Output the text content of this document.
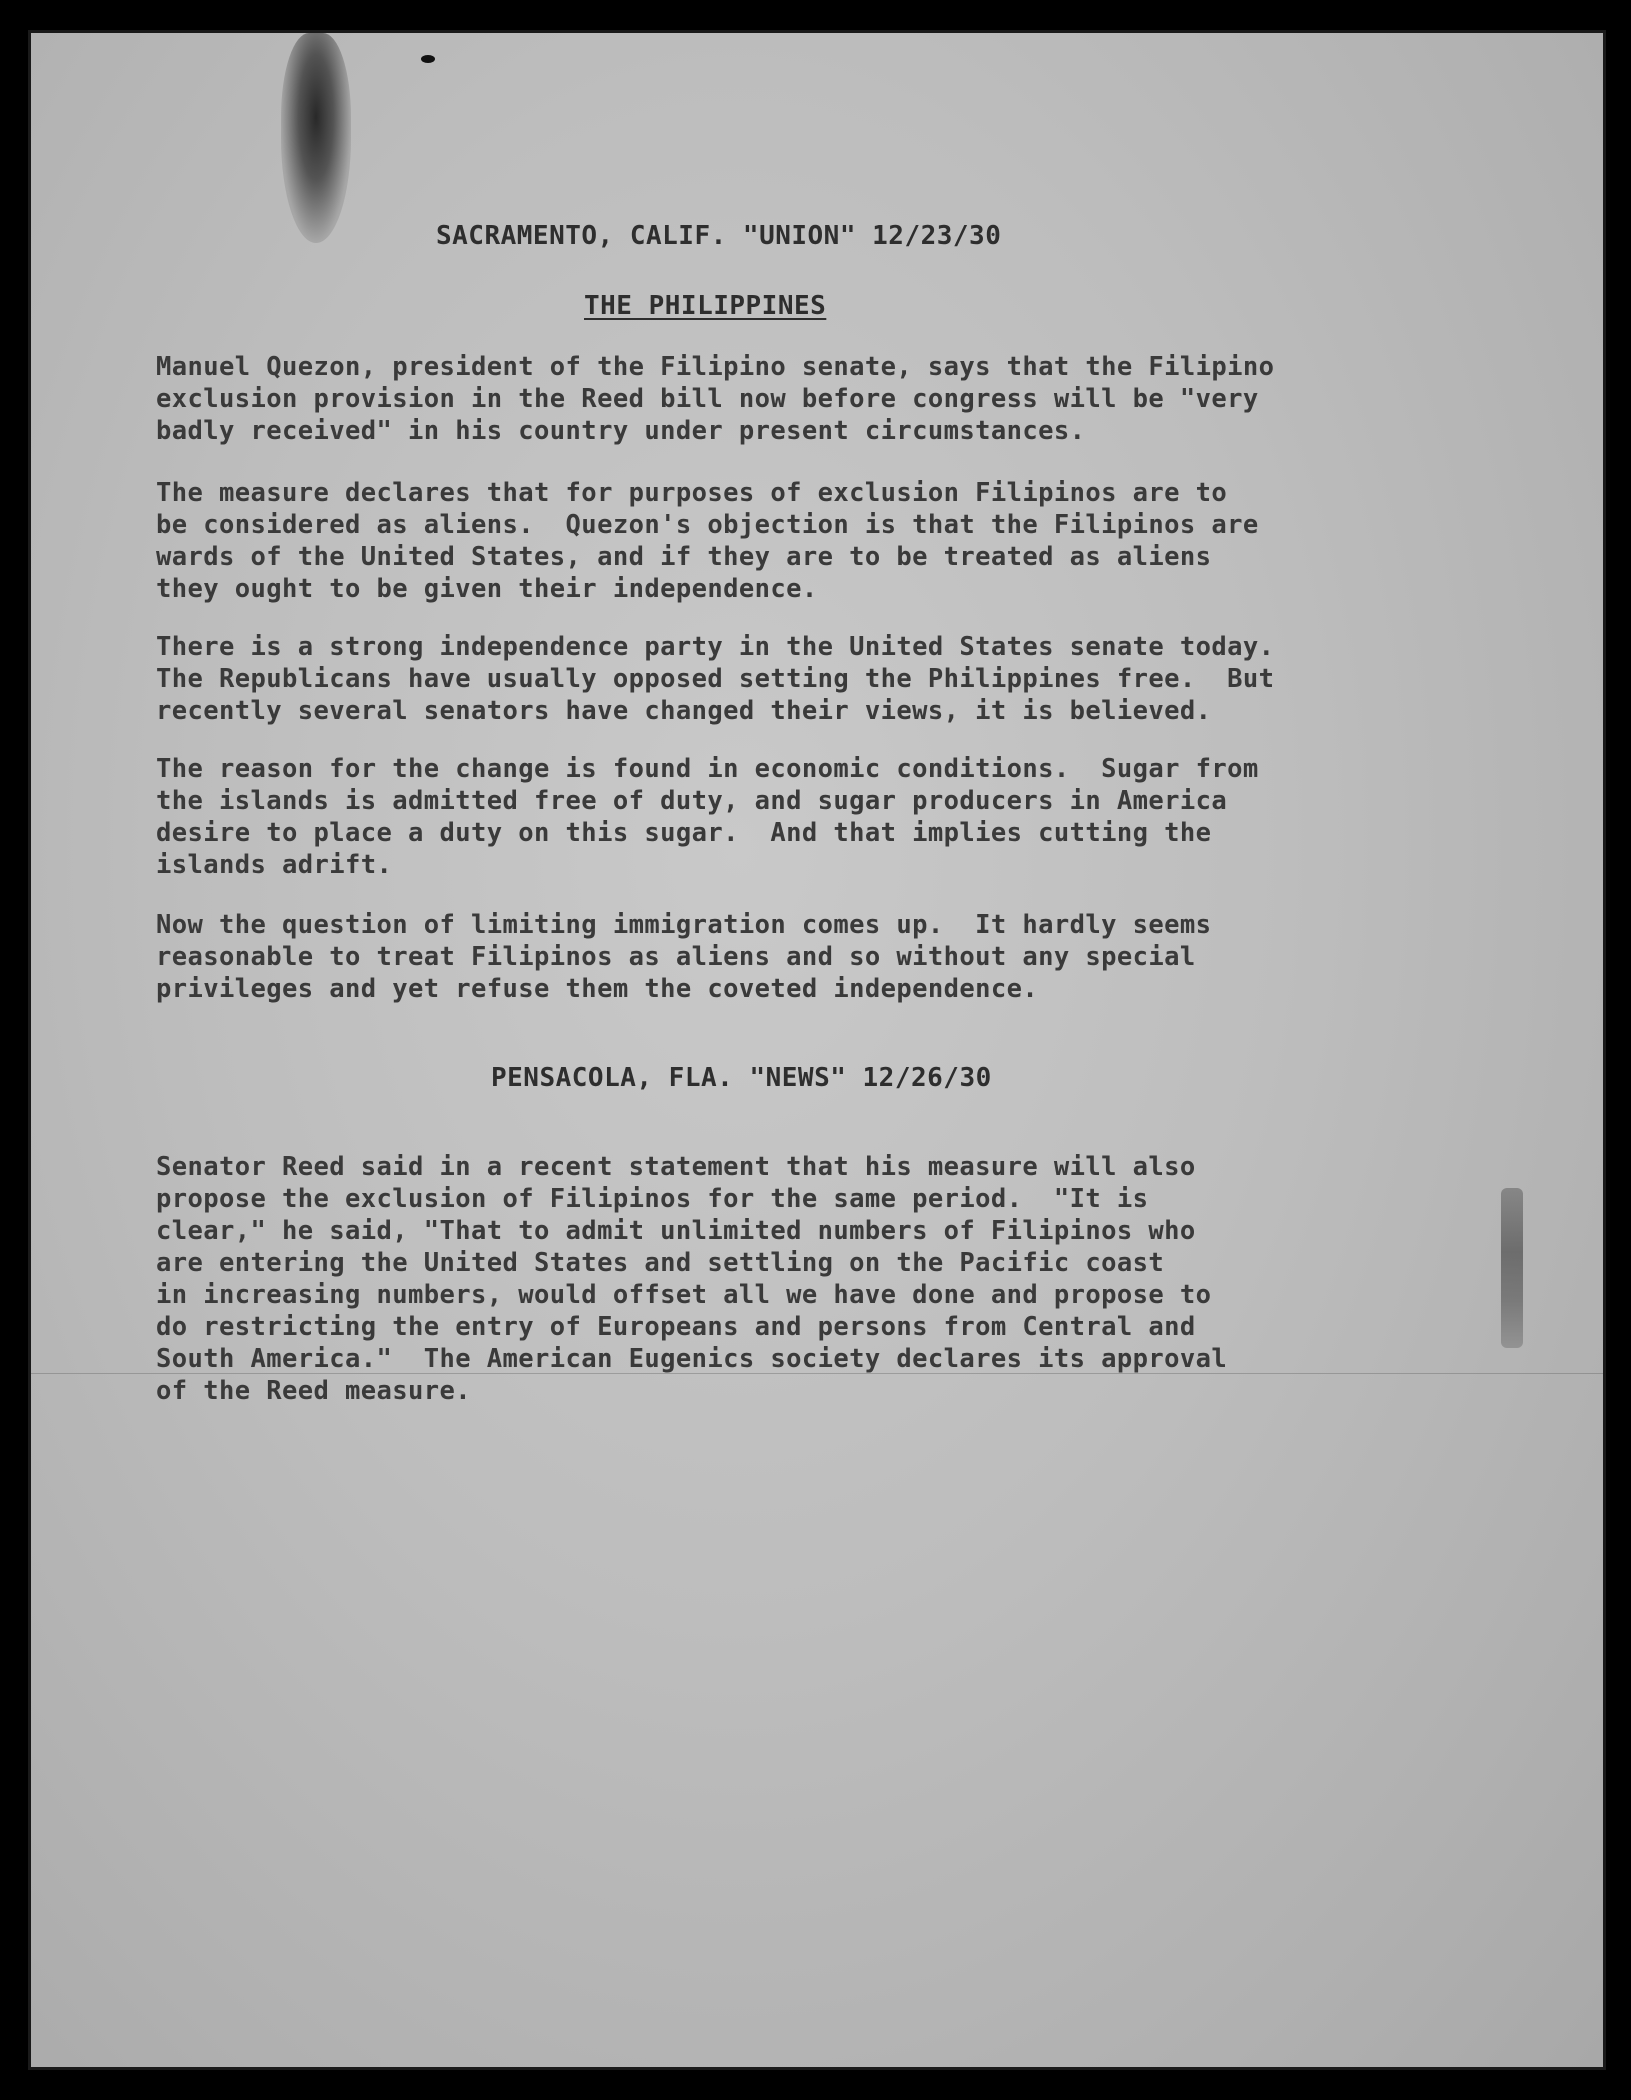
SACRAMENTO, CALIF. "UNION" 12/23/30
THE PHILIPPINES
Manuel Quezon, president of the Filipino senate, says that the Filipino
exclusion provision in the Reed bill now before congress will be "very
badly received" in his country under present circumstances.
The measure declares that for purposes of exclusion Filipinos are to
be considered as aliens.  Quezon's objection is that the Filipinos are
wards of the United States, and if they are to be treated as aliens
they ought to be given their independence.
There is a strong independence party in the United States senate today.
The Republicans have usually opposed setting the Philippines free.  But
recently several senators have changed their views, it is believed.
The reason for the change is found in economic conditions.  Sugar from
the islands is admitted free of duty, and sugar producers in America
desire to place a duty on this sugar.  And that implies cutting the
islands adrift.
Now the question of limiting immigration comes up.  It hardly seems
reasonable to treat Filipinos as aliens and so without any special
privileges and yet refuse them the coveted independence.
PENSACOLA, FLA. "NEWS" 12/26/30
Senator Reed said in a recent statement that his measure will also
propose the exclusion of Filipinos for the same period.  "It is
clear," he said, "That to admit unlimited numbers of Filipinos who
are entering the United States and settling on the Pacific coast
in increasing numbers, would offset all we have done and propose to
do restricting the entry of Europeans and persons from Central and
South America."  The American Eugenics society declares its approval
of the Reed measure.
